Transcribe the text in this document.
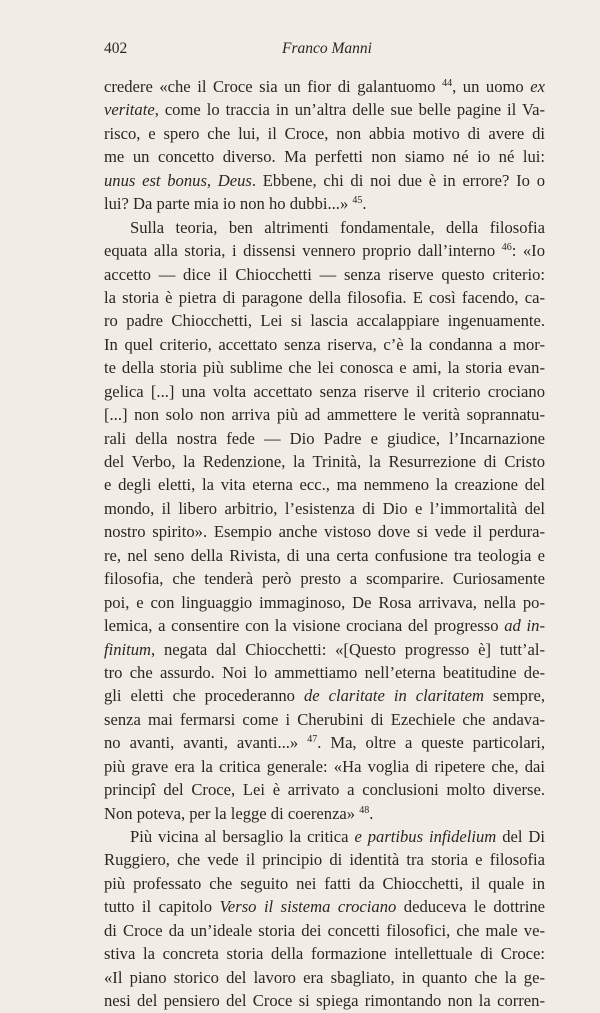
402	Franco Manni
credere «che il Croce sia un fior di galantuomo $^{44}$, un uomo ex
veritate, come lo traccia in un’altra delle sue belle pagine il Va-
risco, e spero che lui, il Croce, non abbia motivo di avere di
me un concetto diverso. Ma perfetti non siamo né io né lui:
unus est bonus, Deus. Ebbene, chi di noi due è in errore? Io o
lui? Da parte mia io non ho dubbi...» $^{45}$.
Sulla teoria, ben altrimenti fondamentale, della filosofia
equata alla storia, i dissensi vennero proprio dall’interno $^{46}$: «Io
accetto — dice il Chiocchetti — senza riserve questo criterio:
la storia è pietra di paragone della filosofia. E così facendo, ca-
ro padre Chiocchetti, Lei si lascia accalappiare ingenuamente.
In quel criterio, accettato senza riserva, c’è la condanna a mor-
te della storia più sublime che lei conosca e ami, la storia evan-
gelica [...] una volta accettato senza riserve il criterio crociano
[...] non solo non arriva più ad ammettere le verità soprannatu-
rali della nostra fede — Dio Padre e giudice, l’Incarnazione
del Verbo, la Redenzione, la Trinità, la Resurrezione di Cristo
e degli eletti, la vita eterna ecc., ma nemmeno la creazione del
mondo, il libero arbitrio, l’esistenza di Dio e l’immortalità del
nostro spirito». Esempio anche vistoso dove si vede il perdura-
re, nel seno della Rivista, di una certa confusione tra teologia e
filosofia, che tenderà però presto a scomparire. Curiosamente
poi, e con linguaggio immaginoso, De Rosa arrivava, nella po-
lemica, a consentire con la visione crociana del progresso ad in-
finitum, negata dal Chiocchetti: «[Questo progresso è] tutt’al-
tro che assurdo. Noi lo ammettiamo nell’eterna beatitudine de-
gli eletti che procederanno de claritate in claritatem sempre,
senza mai fermarsi come i Cherubini di Ezechiele che andava-
no avanti, avanti, avanti...» $^{47}$. Ma, oltre a queste particolari,
più grave era la critica generale: «Ha voglia di ripetere che, dai
principî del Croce, Lei è arrivato a conclusioni molto diverse.
Non poteva, per la legge di coerenza» $^{48}$.
Più vicina al bersaglio la critica e partibus infidelium del Di
Ruggiero, che vede il principio di identità tra storia e filosofia
più professato che seguito nei fatti da Chiocchetti, il quale in
tutto il capitolo Verso il sistema crociano deduceva le dottrine
di Croce da un’ideale storia dei concetti filosofici, che male ve-
stiva la concreta storia della formazione intellettuale di Croce:
«Il piano storico del lavoro era sbagliato, in quanto che la ge-
nesi del pensiero del Croce si spiega rimontando non la corren-
